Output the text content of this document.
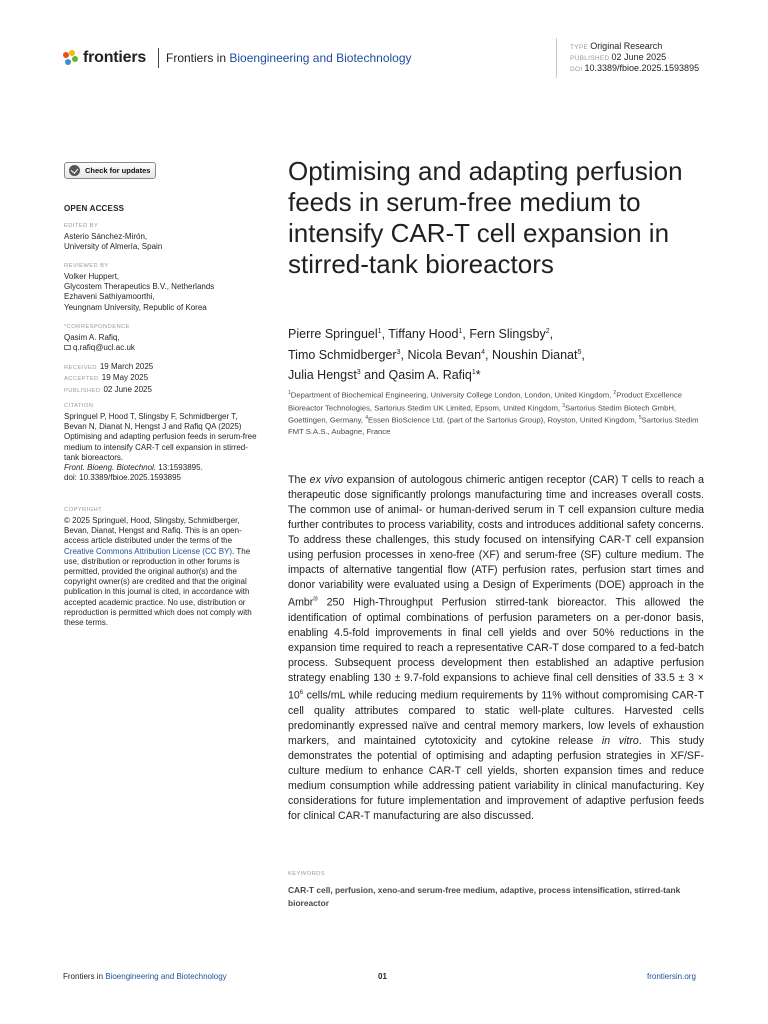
frontiers Frontiers in Bioengineering and Biotechnology
TYPE Original Research
PUBLISHED 02 June 2025
DOI 10.3389/fbioe.2025.1593895
Check for updates
OPEN ACCESS
EDITED BY
Asterio Sánchez-Mirón,
University of Almería, Spain
REVIEWED BY
Volker Huppert,
Glycostem Therapeutics B.V., Netherlands
Ezhaveni Sathiyamoorthi,
Yeungnam University, Republic of Korea
*CORRESPONDENCE
Qasim A. Rafiq,
q.rafiq@ucl.ac.uk
RECEIVED 19 March 2025
ACCEPTED 19 May 2025
PUBLISHED 02 June 2025
CITATION
Springuel P, Hood T, Slingsby F, Schmidberger T, Bevan N, Dianat N, Hengst J and Rafiq QA (2025) Optimising and adapting perfusion feeds in serum-free medium to intensify CAR-T cell expansion in stirred-tank bioreactors.
Front. Bioeng. Biotechnol. 13:1593895.
doi: 10.3389/fbioe.2025.1593895
COPYRIGHT
© 2025 Springuel, Hood, Slingsby, Schmidberger, Bevan, Dianat, Hengst and Rafiq. This is an open-access article distributed under the terms of the Creative Commons Attribution License (CC BY). The use, distribution or reproduction in other forums is permitted, provided the original author(s) and the copyright owner(s) are credited and that the original publication in this journal is cited, in accordance with accepted academic practice. No use, distribution or reproduction is permitted which does not comply with these terms.
Optimising and adapting perfusion feeds in serum-free medium to intensify CAR-T cell expansion in stirred-tank bioreactors
Pierre Springuel$^1$, Tiffany Hood$^1$, Fern Slingsby$^2$,
Timo Schmidberger$^3$, Nicola Bevan$^4$, Noushin Dianat$^5$,
Julia Hengst$^3$ and Qasim A. Rafiq$^1$*
$^1$Department of Biochemical Engineering, University College London, London, United Kingdom, $^2$Product Excellence Bioreactor Technologies, Sartorius Stedim UK Limited, Epsom, United Kingdom, $^3$Sartorius Stedim Biotech GmbH, Goettingen, Germany, $^4$Essen BioScience Ltd. (part of the Sartorius Group), Royston, United Kingdom, $^5$Sartorius Stedim FMT S.A.S., Aubagne, France
The ex vivo expansion of autologous chimeric antigen receptor (CAR) T cells to reach a therapeutic dose significantly prolongs manufacturing time and increases overall costs. The common use of animal- or human-derived serum in T cell expansion culture media further contributes to process variability, costs and introduces additional safety concerns. To address these challenges, this study focused on intensifying CAR-T cell expansion using perfusion processes in xeno-free (XF) and serum-free (SF) culture medium. The impacts of alternative tangential flow (ATF) perfusion rates, perfusion start times and donor variability were evaluated using a Design of Experiments (DOE) approach in the Ambr® 250 High-Throughput Perfusion stirred-tank bioreactor. This allowed the identification of optimal combinations of perfusion parameters on a per-donor basis, enabling 4.5-fold improvements in final cell yields and over 50% reductions in the expansion time required to reach a representative CAR-T dose compared to a fed-batch process. Subsequent process development then established an adaptive perfusion strategy enabling 130 ± 9.7-fold expansions to achieve final cell densities of $33.5 \pm 3 \times 10^6$ cells/mL while reducing medium requirements by 11% without compromising CAR-T cell quality attributes compared to static well-plate cultures. Harvested cells predominantly expressed naïve and central memory markers, low levels of exhaustion markers, and maintained cytotoxicity and cytokine release in vitro. This study demonstrates the potential of optimising and adapting perfusion strategies in XF/SF-culture medium to enhance CAR-T cell yields, shorten expansion times and reduce medium consumption while addressing patient variability in clinical manufacturing. Key considerations for future implementation and improvement of adaptive perfusion feeds for clinical CAR-T manufacturing are also discussed.
KEYWORDS
CAR-T cell, perfusion, xeno-and serum-free medium, adaptive, process intensification, stirred-tank bioreactor
Frontiers in Bioengineering and Biotechnology	01	frontiersin.org
